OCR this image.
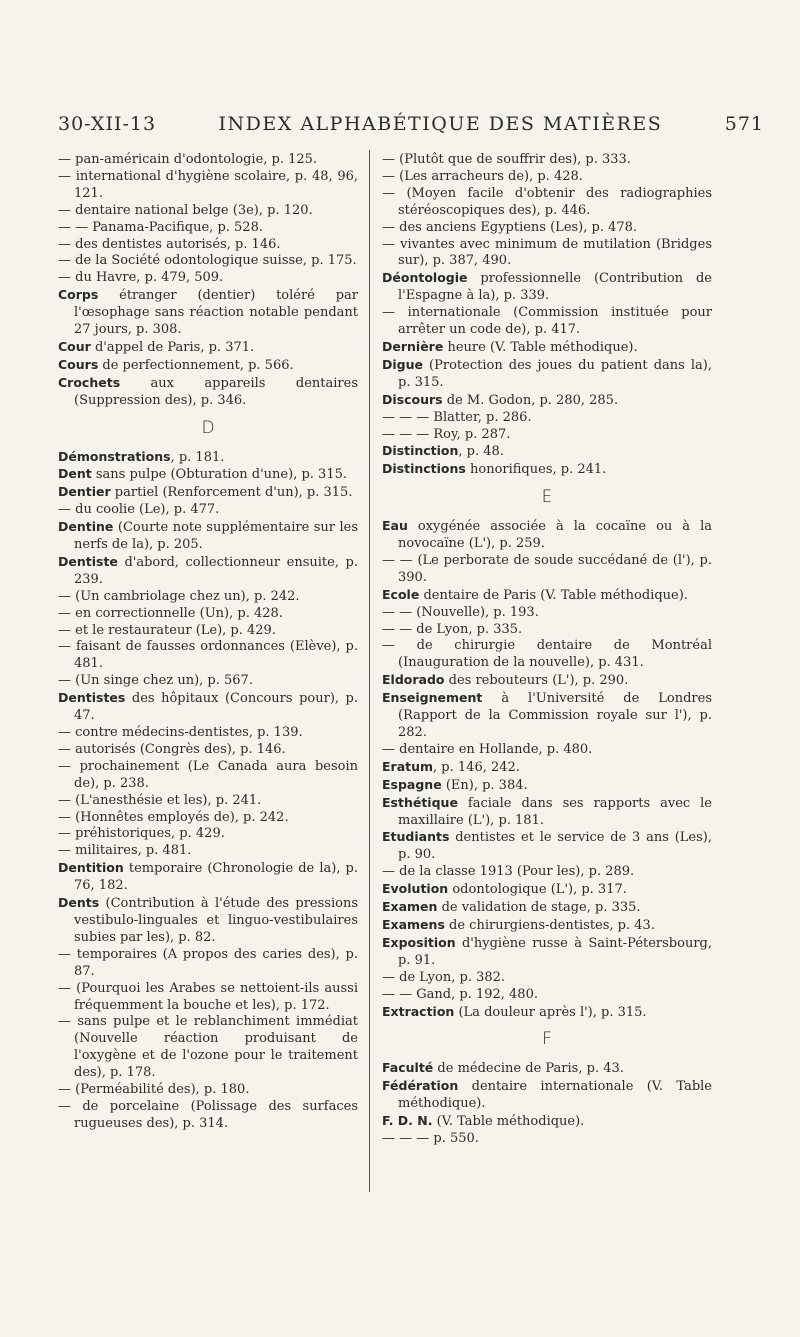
30-XII-13	INDEX ALPHABÉTIQUE DES MATIÈRES	571
— pan-américain d'odontologie, p. 125.
— international d'hygiène scolaire, p. 48, 96, 121.
— dentaire national belge (3e), p. 120.
— — Panama-Pacifique, p. 528.
— des dentistes autorisés, p. 146.
— de la Société odontologique suisse, p. 175.
— du Havre, p. 479, 509.
Corps étranger (dentier) toléré par l'œsophage sans réaction notable pendant 27 jours, p. 308.
Cour d'appel de Paris, p. 371.
Cours de perfectionnement, p. 566.
Crochets aux appareils dentaires (Suppression des), p. 346.
D
Démonstrations, p. 181.
Dent sans pulpe (Obturation d'une), p. 315.
Dentier partiel (Renforcement d'un), p. 315.
— du coolie (Le), p. 477.
Dentine (Courte note supplémentaire sur les nerfs de la), p. 205.
Dentiste d'abord, collectionneur ensuite, p. 239.
— (Un cambriolage chez un), p. 242.
— en correctionnelle (Un), p. 428.
— et le restaurateur (Le), p. 429.
— faisant de fausses ordonnances (Elève), p. 481.
— (Un singe chez un), p. 567.
Dentistes des hôpitaux (Concours pour), p. 47.
— contre médecins-dentistes, p. 139.
— autorisés (Congrès des), p. 146.
— prochainement (Le Canada aura besoin de), p. 238.
— (L'anesthésie et les), p. 241.
— (Honnêtes employés de), p. 242.
— préhistoriques, p. 429.
— militaires, p. 481.
Dentition temporaire (Chronologie de la), p. 76, 182.
Dents (Contribution à l'étude des pressions vestibulo-linguales et linguo-vestibulaires subies par les), p. 82.
— temporaires (A propos des caries des), p. 87.
— (Pourquoi les Arabes se nettoient-ils aussi fréquemment la bouche et les), p. 172.
— sans pulpe et le reblanchiment immédiat (Nouvelle réaction produisant de l'oxygène et de l'ozone pour le traitement des), p. 178.
— (Perméabilité des), p. 180.
— de porcelaine (Polissage des surfaces rugueuses des), p. 314.
— (Plutôt que de souffrir des), p. 333.
— (Les arracheurs de), p. 428.
— (Moyen facile d'obtenir des radiographies stéréoscopiques des), p. 446.
— des anciens Egyptiens (Les), p. 478.
— vivantes avec minimum de mutilation (Bridges sur), p. 387, 490.
Déontologie professionnelle (Contribution de l'Espagne à la), p. 339.
— internationale (Commission instituée pour arrêter un code de), p. 417.
Dernière heure (V. Table méthodique).
Digue (Protection des joues du patient dans la), p. 315.
Discours de M. Godon, p. 280, 285.
— — — Blatter, p. 286.
— — — Roy, p. 287.
Distinction, p. 48.
Distinctions honorifiques, p. 241.
E
Eau oxygénée associée à la cocaïne ou à la novocaïne (L'), p. 259.
— — (Le perborate de soude succédané de (l'), p. 390.
Ecole dentaire de Paris (V. Table méthodique).
— — (Nouvelle), p. 193.
— — de Lyon, p. 335.
— de chirurgie dentaire de Montréal (Inauguration de la nouvelle), p. 431.
Eldorado des rebouteurs (L'), p. 290.
Enseignement à l'Université de Londres (Rapport de la Commission royale sur l'), p. 282.
— dentaire en Hollande, p. 480.
Eratum, p. 146, 242.
Espagne (En), p. 384.
Esthétique faciale dans ses rapports avec le maxillaire (L'), p. 181.
Etudiants dentistes et le service de 3 ans (Les), p. 90.
— de la classe 1913 (Pour les), p. 289.
Evolution odontologique (L'), p. 317.
Examen de validation de stage, p. 335.
Examens de chirurgiens-dentistes, p. 43.
Exposition d'hygiène russe à Saint-Pétersbourg, p. 91.
— de Lyon, p. 382.
— — Gand, p. 192, 480.
Extraction (La douleur après l'), p. 315.
F
Faculté de médecine de Paris, p. 43.
Fédération dentaire internationale (V. Table méthodique).
F. D. N. (V. Table méthodique).
— — — p. 550.
